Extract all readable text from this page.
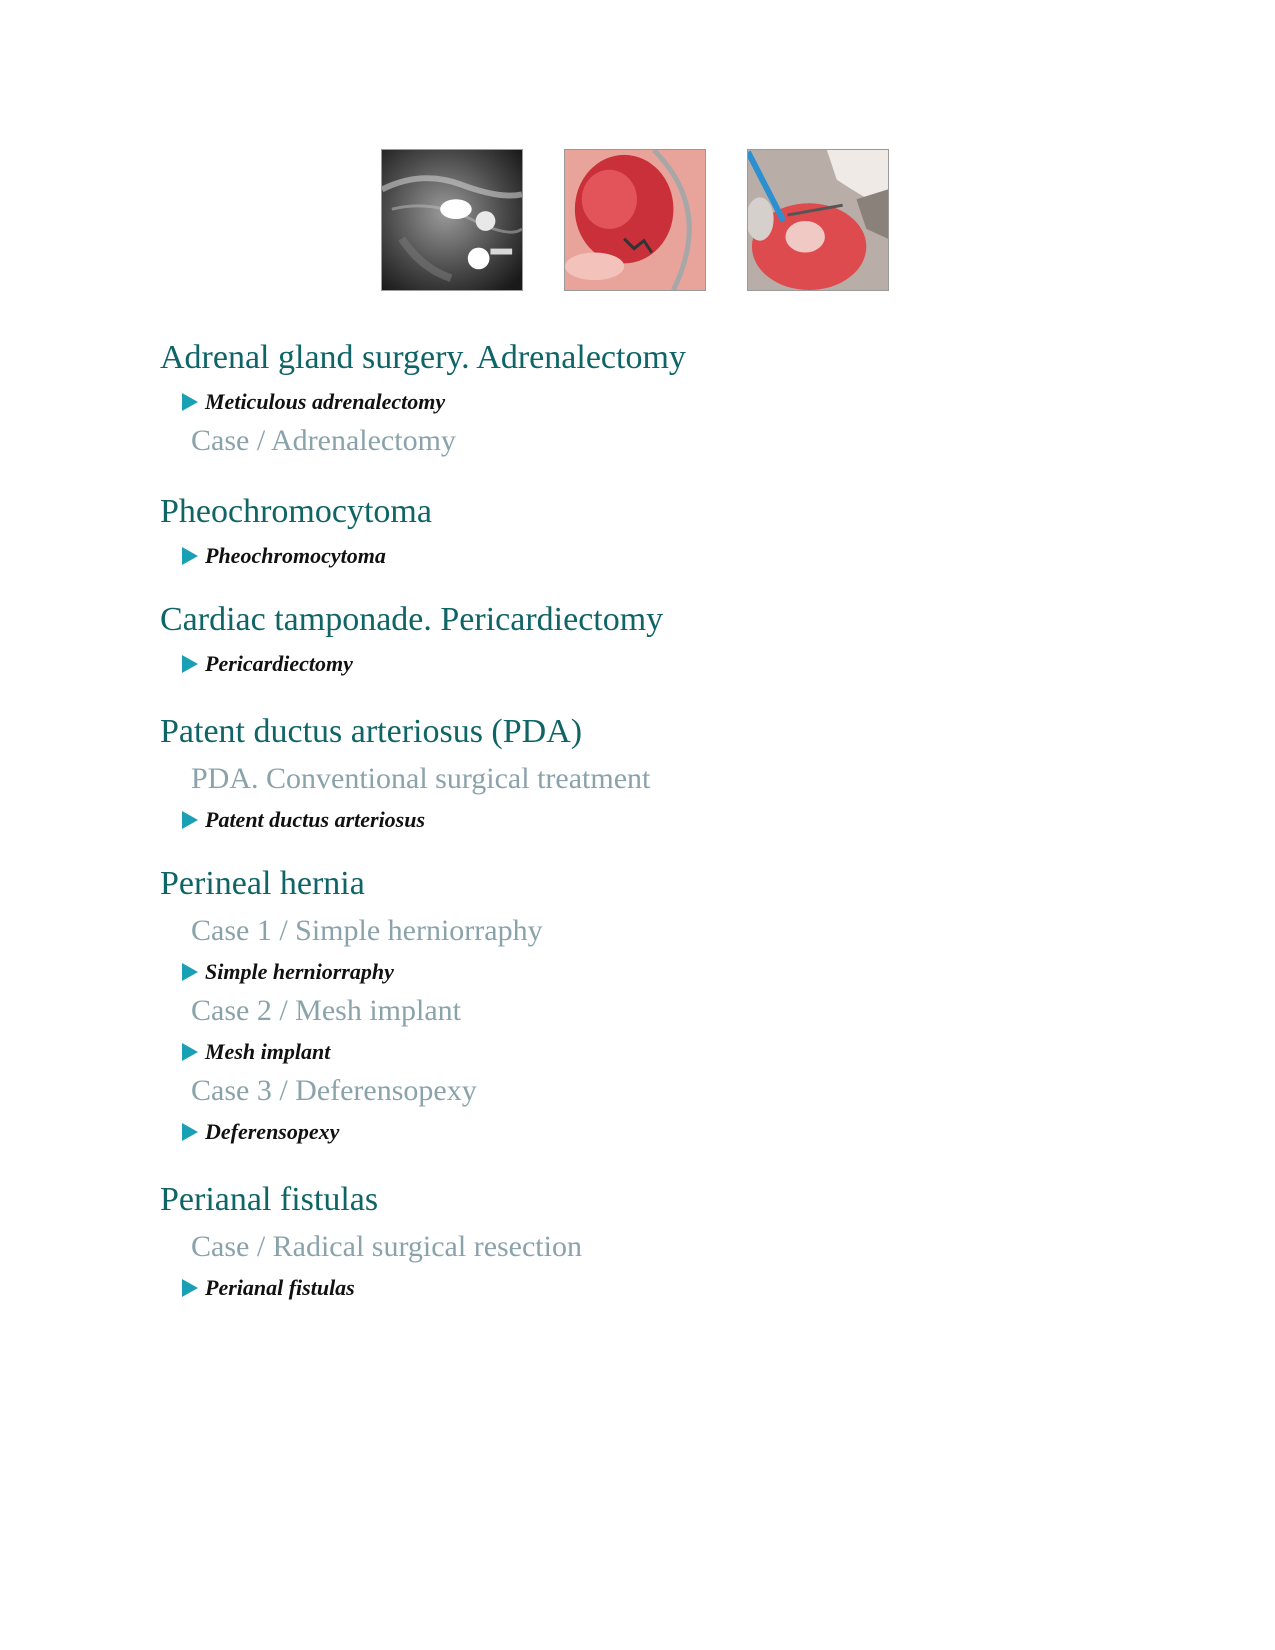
Adrenal gland surgery. Adrenalectomy
Meticulous adrenalectomy
Case / Adrenalectomy
Pheochromocytoma
Pheochromocytoma
Cardiac tamponade. Pericardiectomy
Pericardiectomy
Patent ductus arteriosus (PDA)
PDA. Conventional surgical treatment
Patent ductus arteriosus
Perineal hernia
Case 1 / Simple herniorraphy
Simple herniorraphy
Case 2 / Mesh implant
Mesh implant
Case 3 / Deferensopexy
Deferensopexy
Perianal fistulas
Case / Radical surgical resection
Perianal fistulas
